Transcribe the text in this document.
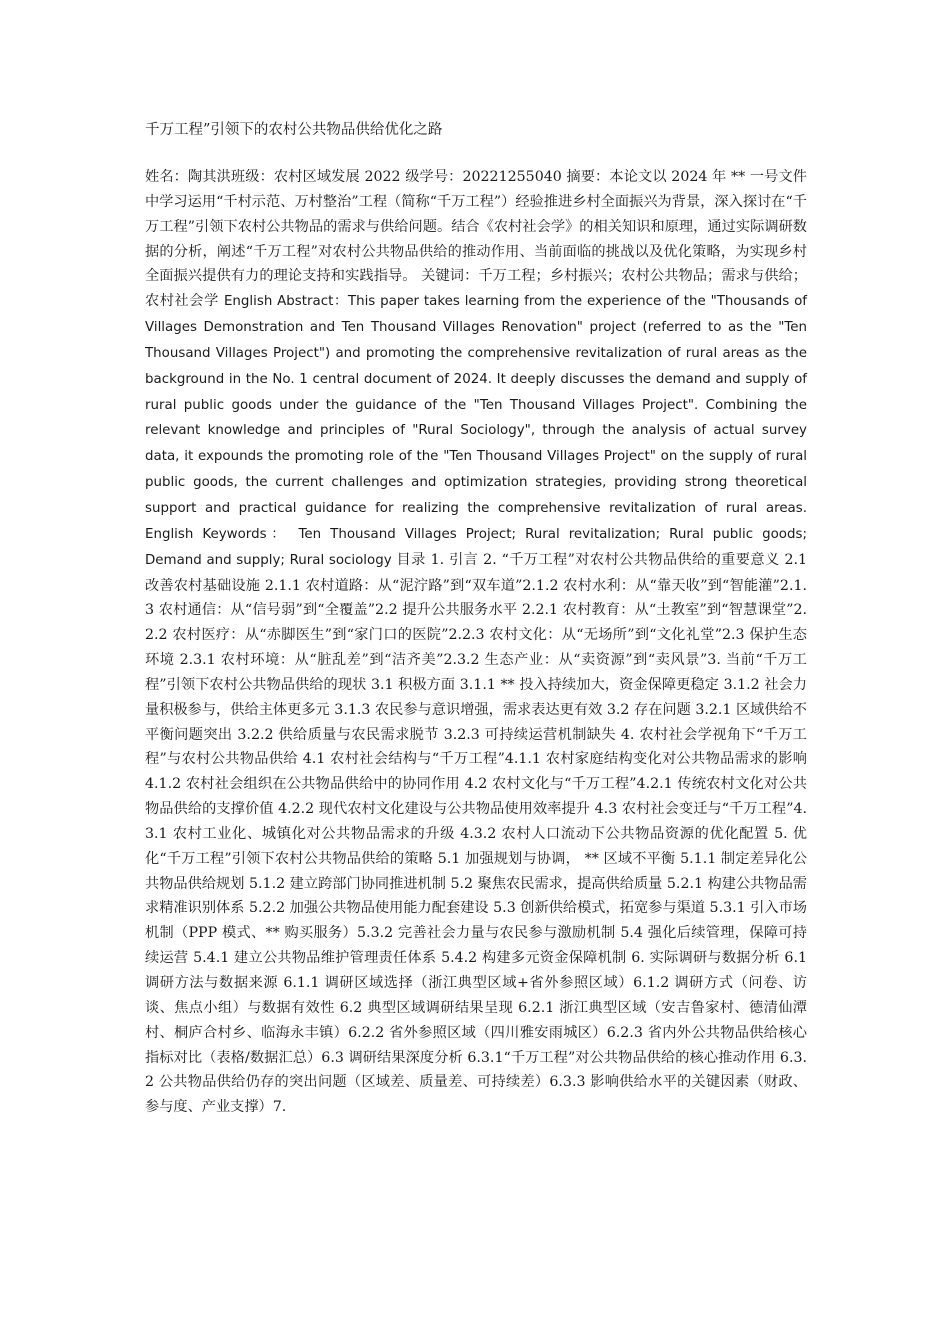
千万工程”引领下的农村公共物品供给优化之路

姓名：陶其洪班级：农村区域发展 2022 级学号：20221255040 摘要：本论文以 2024 年 ** 一号文件中学习运用“千村示范、万村整治”工程（简称“千万工程”）经验推进乡村全面振兴为背景，深入探讨在“千万工程”引领下农村公共物品的需求与供给问题。结合《农村社会学》的相关知识和原理，通过实际调研数据的分析，阐述“千万工程”对农村公共物品供给的推动作用、当前面临的挑战以及优化策略，为实现乡村全面振兴提供有力的理论支持和实践指导。 关键词：千万工程；乡村振兴；农村公共物品；需求与供给；农村社会学 English Abstract：This paper takes learning from the experience of the "Thousands of Villages Demonstration and Ten Thousand Villages Renovation" project (referred to as the "Ten Thousand Villages Project") and promoting the comprehensive revitalization of rural areas as the background in the No. 1 central document of 2024. It deeply discusses the demand and supply of rural public goods under the guidance of the "Ten Thousand Villages Project". Combining the relevant knowledge and principles of "Rural Sociology", through the analysis of actual survey data, it expounds the promoting role of the "Ten Thousand Villages Project" on the supply of rural public goods, the current challenges and optimization strategies, providing strong theoretical support and practical guidance for realizing the comprehensive revitalization of rural areas. English Keywords： Ten Thousand Villages Project; Rural revitalization; Rural public goods; Demand and supply; Rural sociology 目录 1. 引言 2. “千万工程”对农村公共物品供给的重要意义 2.1 改善农村基础设施 2.1.1 农村道路：从“泥泞路”到“双车道”2.1.2 农村水利：从“靠天收”到“智能灌”2.1.3 农村通信：从“信号弱”到“全覆盖”2.2 提升公共服务水平 2.2.1 农村教育：从“土教室”到“智慧课堂”2.2.2 农村医疗：从“赤脚医生”到“家门口的医院”2.2.3 农村文化：从“无场所”到“文化礼堂”2.3 保护生态环境 2.3.1 农村环境：从“脏乱差”到“洁齐美”2.3.2 生态产业：从“卖资源”到“卖风景”3. 当前“千万工程”引领下农村公共物品供给的现状 3.1 积极方面 3.1.1 ** 投入持续加大，资金保障更稳定 3.1.2 社会力量积极参与，供给主体更多元 3.1.3 农民参与意识增强，需求表达更有效 3.2 存在问题 3.2.1 区域供给不平衡问题突出 3.2.2 供给质量与农民需求脱节 3.2.3 可持续运营机制缺失 4. 农村社会学视角下“千万工程”与农村公共物品供给 4.1 农村社会结构与“千万工程”4.1.1 农村家庭结构变化对公共物品需求的影响 4.1.2 农村社会组织在公共物品供给中的协同作用 4.2 农村文化与“千万工程”4.2.1 传统农村文化对公共物品供给的支撑价值 4.2.2 现代农村文化建设与公共物品使用效率提升 4.3 农村社会变迁与“千万工程”4.3.1 农村工业化、城镇化对公共物品需求的升级 4.3.2 农村人口流动下公共物品资源的优化配置 5. 优化“千万工程”引领下农村公共物品供给的策略 5.1 加强规划与协调， ** 区域不平衡 5.1.1 制定差异化公共物品供给规划 5.1.2 建立跨部门协同推进机制 5.2 聚焦农民需求，提高供给质量 5.2.1 构建公共物品需求精准识别体系 5.2.2 加强公共物品使用能力配套建设 5.3 创新供给模式，拓宽参与渠道 5.3.1 引入市场机制（PPP 模式、** 购买服务）5.3.2 完善社会力量与农民参与激励机制 5.4 强化后续管理，保障可持续运营 5.4.1 建立公共物品维护管理责任体系 5.4.2 构建多元资金保障机制 6. 实际调研与数据分析 6.1 调研方法与数据来源 6.1.1 调研区域选择（浙江典型区域+省外参照区域）6.1.2 调研方式（问卷、访谈、焦点小组）与数据有效性 6.2 典型区域调研结果呈现 6.2.1 浙江典型区域（安吉鲁家村、德清仙潭村、桐庐合村乡、临海永丰镇）6.2.2 省外参照区域（四川雅安雨城区）6.2.3 省内外公共物品供给核心指标对比（表格/数据汇总）6.3 调研结果深度分析 6.3.1“千万工程”对公共物品供给的核心推动作用 6.3.2 公共物品供给仍存的突出问题（区域差、质量差、可持续差）6.3.3 影响供给水平的关键因素（财政、参与度、产业支撑）7.
